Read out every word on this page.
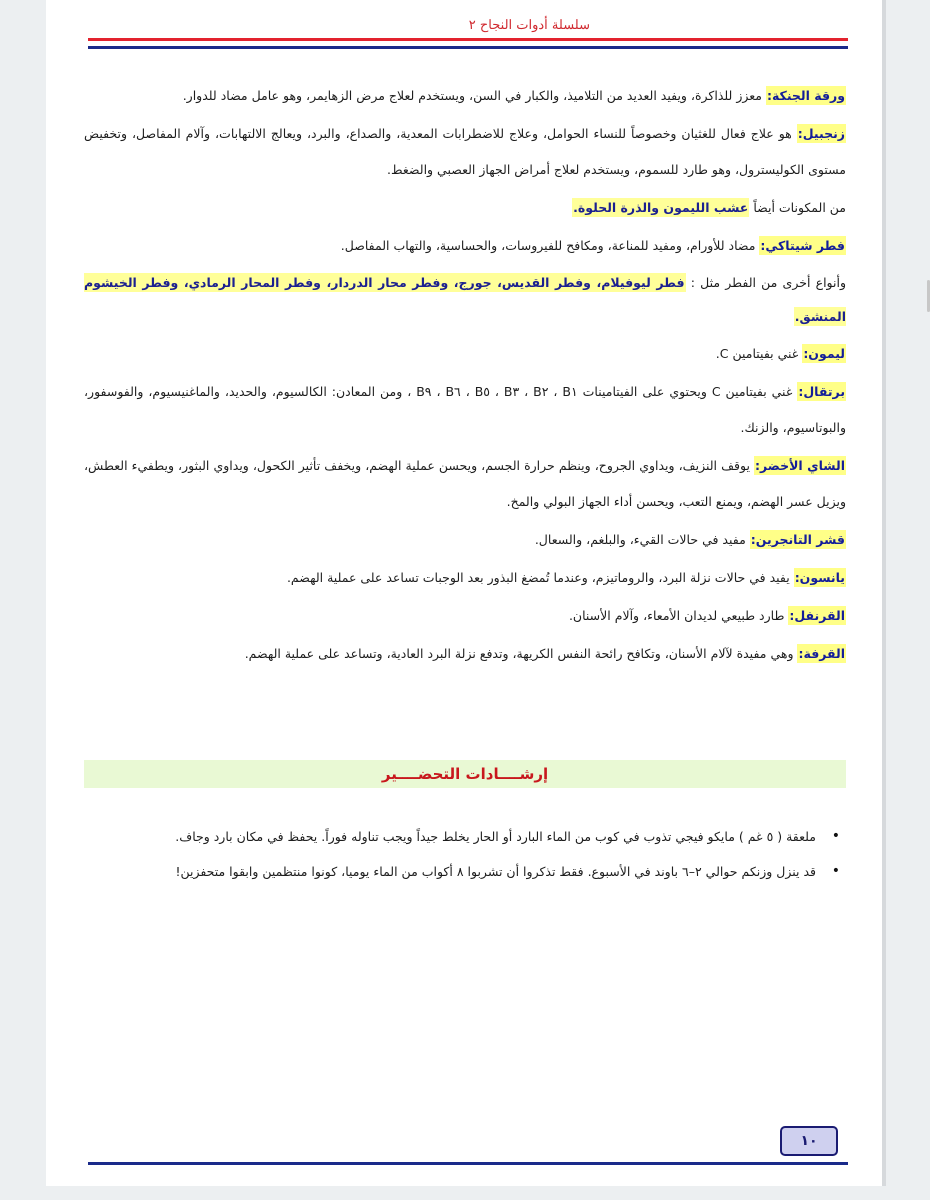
سلسلة أدوات النجاح ٢

ورقة الجنكة: معزز للذاكرة، ويفيد العديد من التلاميذ، والكبار في السن، ويستخدم لعلاج مرض الزهايمر، وهو عامل مضاد للدوار.

زنجبيل: هو علاج فعال للغثيان وخصوصاً للنساء الحوامل، وعلاج للاضطرابات المعدية، والصداع، والبرد، ويعالج الالتهابات، وآلام المفاصل، وتخفيض مستوى الكوليسترول، وهو طارد للسموم، ويستخدم لعلاج أمراض الجهاز العصبي والضغط.

من المكونات أيضاً عشب الليمون والذرة الحلوة.

فطر شيتاكي: مضاد للأورام، ومفيد للمناعة، ومكافح للفيروسات، والحساسية، والتهاب المفاصل.

وأنواع أخرى من الفطر مثل : فطر ليوفيلام، وفطر القديس، جورج، وفطر محار الدردار، وفطر المحار الرمادي، وفطر الخيشوم المنشق.

ليمون: غني بفيتامين C.

برتقال: غني بفيتامين C ويحتوي على الفيتامينات B١ ، B٢ ، B٣ ، B٥ ، B٦ ، B٩ ، ومن المعادن: الكالسيوم، والحديد، والماغنيسيوم، والفوسفور، والبوتاسيوم، والزنك.

الشاي الأخضر: يوقف النزيف، ويداوي الجروح، وينظم حرارة الجسم، ويحسن عملية الهضم، ويخفف تأثير الكحول، ويداوي البثور، ويطفيء العطش، ويزيل عسر الهضم، ويمنع التعب، ويحسن أداء الجهاز البولي والمخ.

قشر التانجرين: مفيد في حالات القيء، والبلغم، والسعال.

يانسون: يفيد في حالات نزلة البرد، والروماتيزم، وعندما تُمضغ البذور بعد الوجبات تساعد على عملية الهضم.

القرنفل: طارد طبيعي لديدان الأمعاء، وآلام الأسنان.

القرفة: وهي مفيدة لآلام الأسنان، وتكافح رائحة النفس الكريهة، وتدفع نزلة البرد العادية، وتساعد على عملية الهضم.

إرشــــادات التحضــــير
•
ملعقة ( ٥ غم ) مايكو فيجي تذوب في كوب من الماء البارد أو الحار يخلط جيداً ويجب تناوله فوراً. يحفظ في مكان بارد وجاف.
•
قد ينزل وزنكم حوالي ٢–٦ باوند في الأسبوع. فقط تذكروا أن تشربوا ٨ أكواب من الماء يوميا، كونوا منتظمين وابقوا متحفزين!
١٠
